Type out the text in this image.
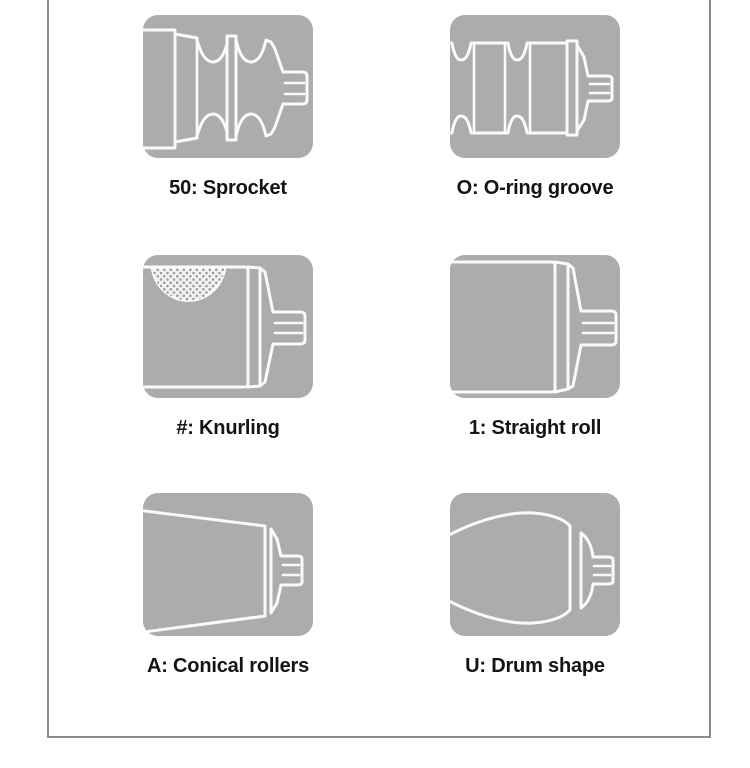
50: Sprocket	O: O-ring groove
#: Knurling	1: Straight roll
A: Conical rollers	U: Drum shape
